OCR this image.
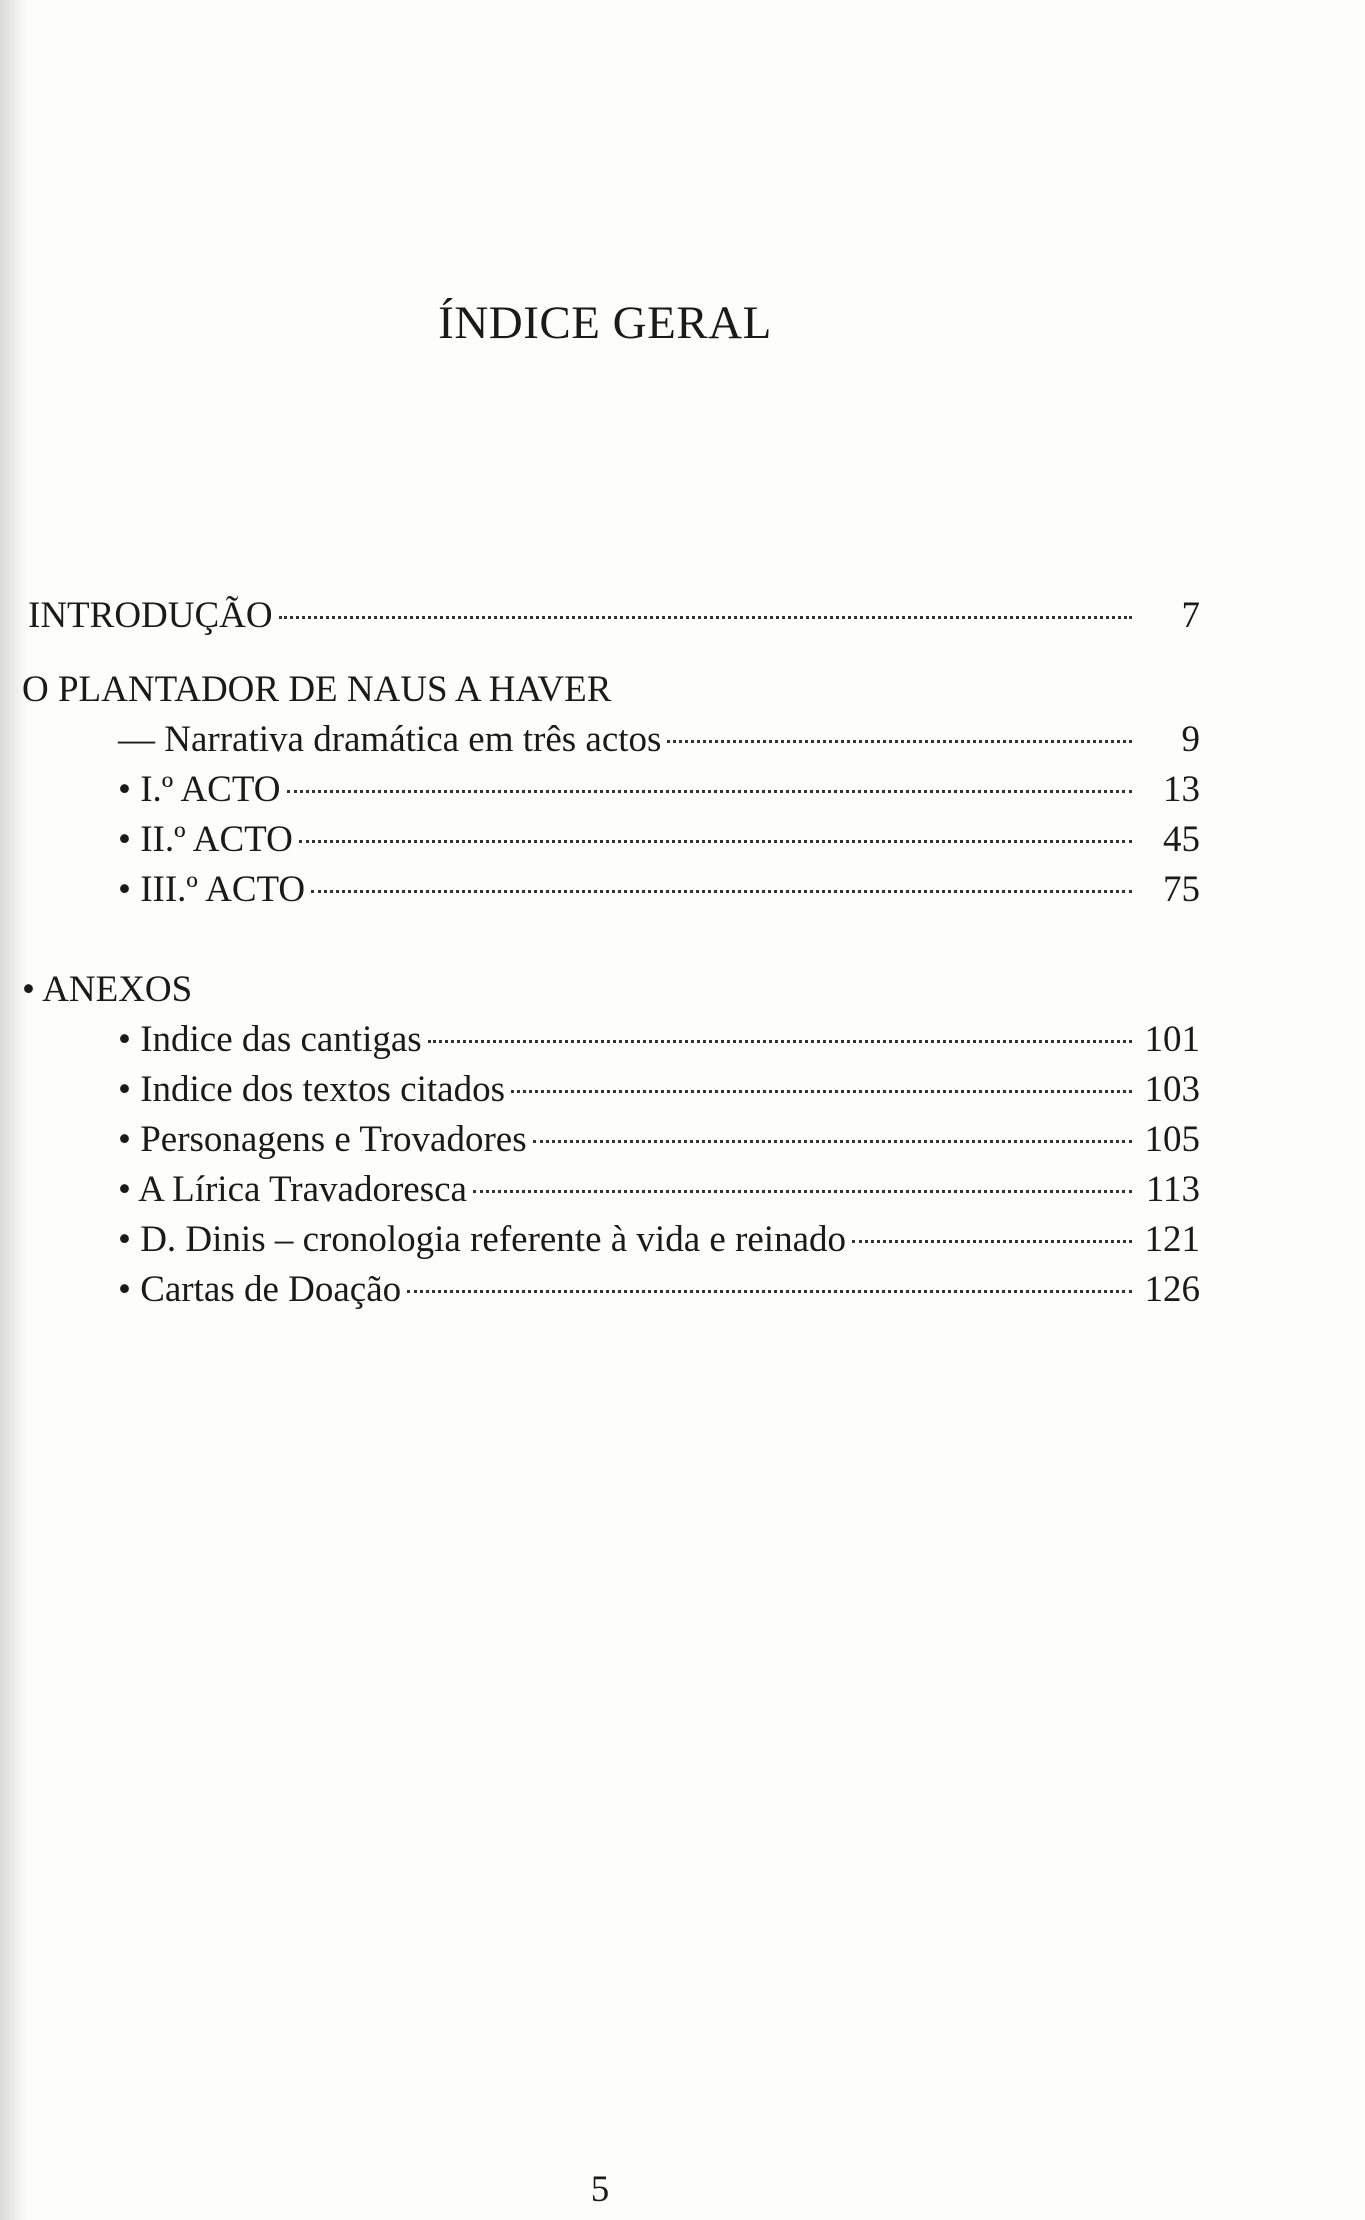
ÍNDICE GERAL
INTRODUÇÃO	7
O PLANTADOR DE NAUS A HAVER
— Narrativa dramática em três actos	9
• I.º ACTO	13
• II.º ACTO	45
• III.º ACTO	75
• ANEXOS
• Indice das cantigas	101
• Indice dos textos citados	103
• Personagens e Trovadores	105
• A Lírica Travadoresca	113
• D. Dinis – cronologia referente à vida e reinado	121
• Cartas de Doação	126
5
